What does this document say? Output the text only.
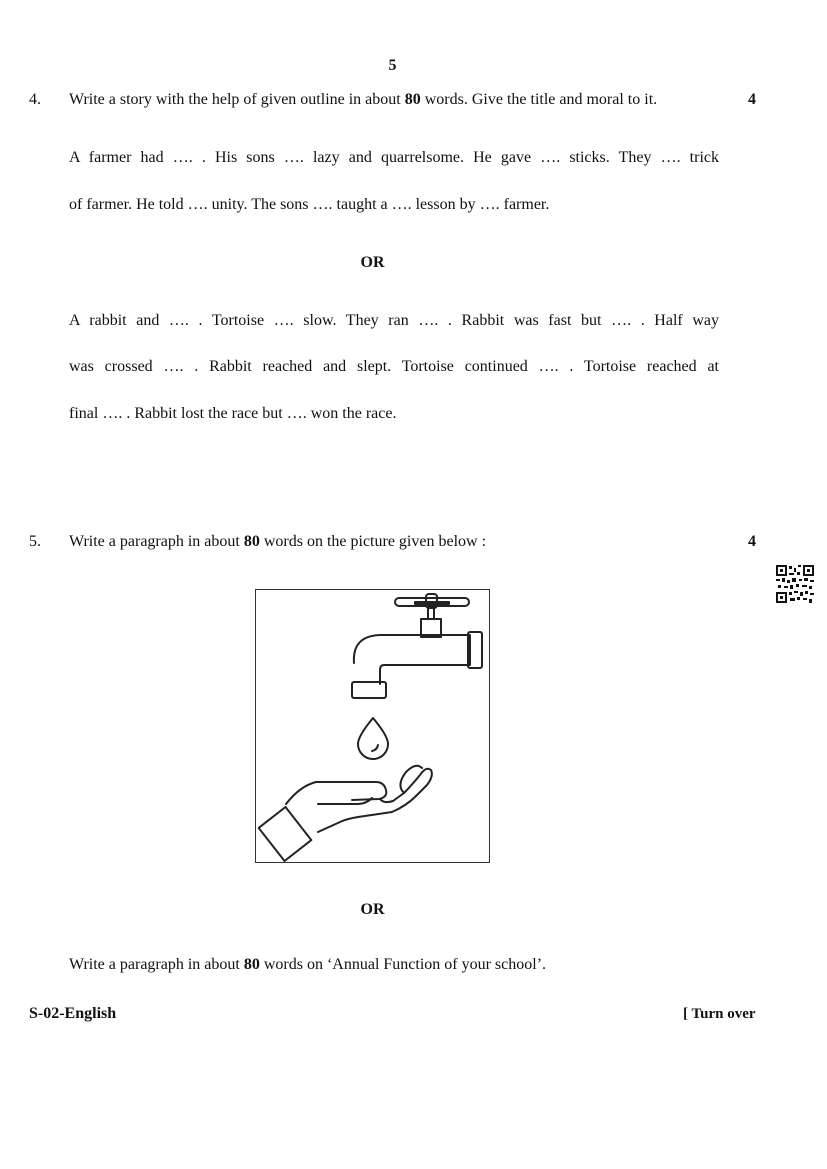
5
4. Write a story with the help of given outline in about 80 words. Give the title and moral to it.	4
A farmer had …. . His sons …. lazy and quarrelsome. He gave …. sticks. They …. trick
of farmer. He told …. unity. The sons …. taught a …. lesson by …. farmer.
OR
A rabbit and …. . Tortoise …. slow. They ran …. . Rabbit was fast but …. . Half way
was crossed …. . Rabbit reached and slept. Tortoise continued …. . Tortoise reached at
final …. . Rabbit lost the race but …. won the race.
5. Write a paragraph in about 80 words on the picture given below :	4
OR
Write a paragraph in about 80 words on ‘Annual Function of your school’.
S-02-English	[ Turn over
